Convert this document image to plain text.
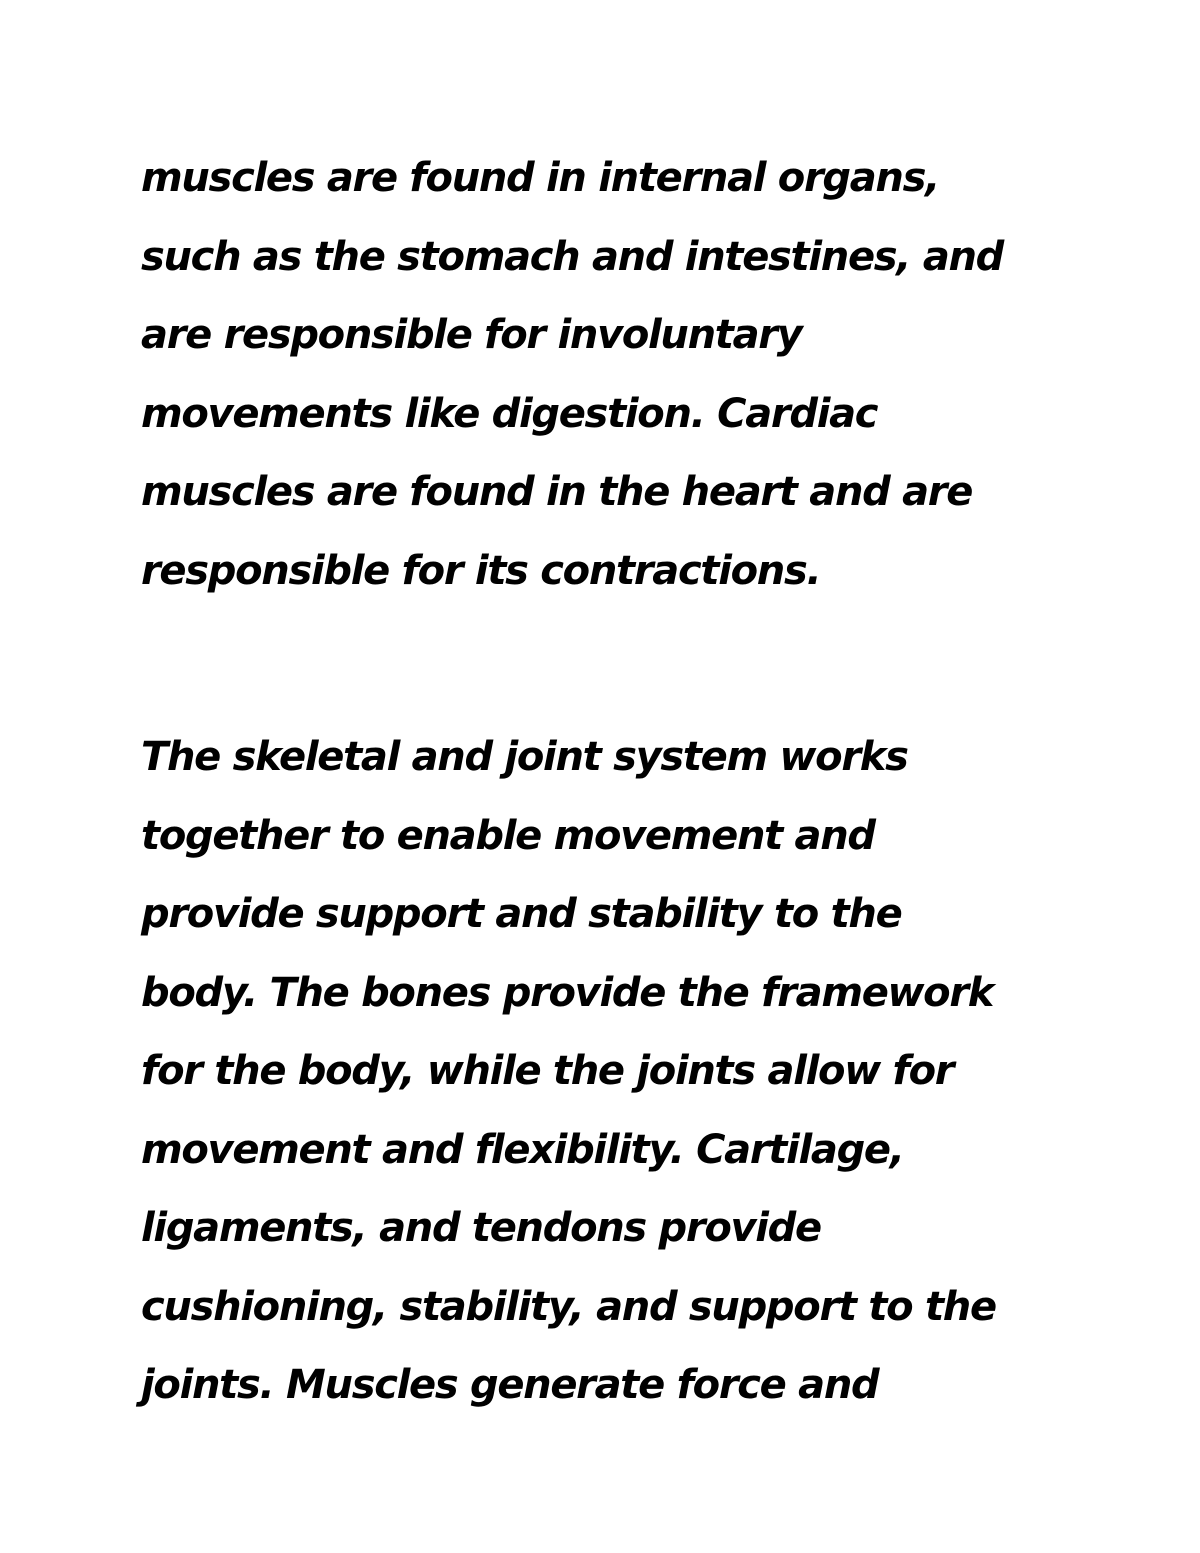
muscles are found in internal organs,
such as the stomach and intestines, and
are responsible for involuntary
movements like digestion. Cardiac
muscles are found in the heart and are
responsible for its contractions.
The skeletal and joint system works
together to enable movement and
provide support and stability to the
body. The bones provide the framework
for the body, while the joints allow for
movement and flexibility. Cartilage,
ligaments, and tendons provide
cushioning, stability, and support to the
joints. Muscles generate force and
